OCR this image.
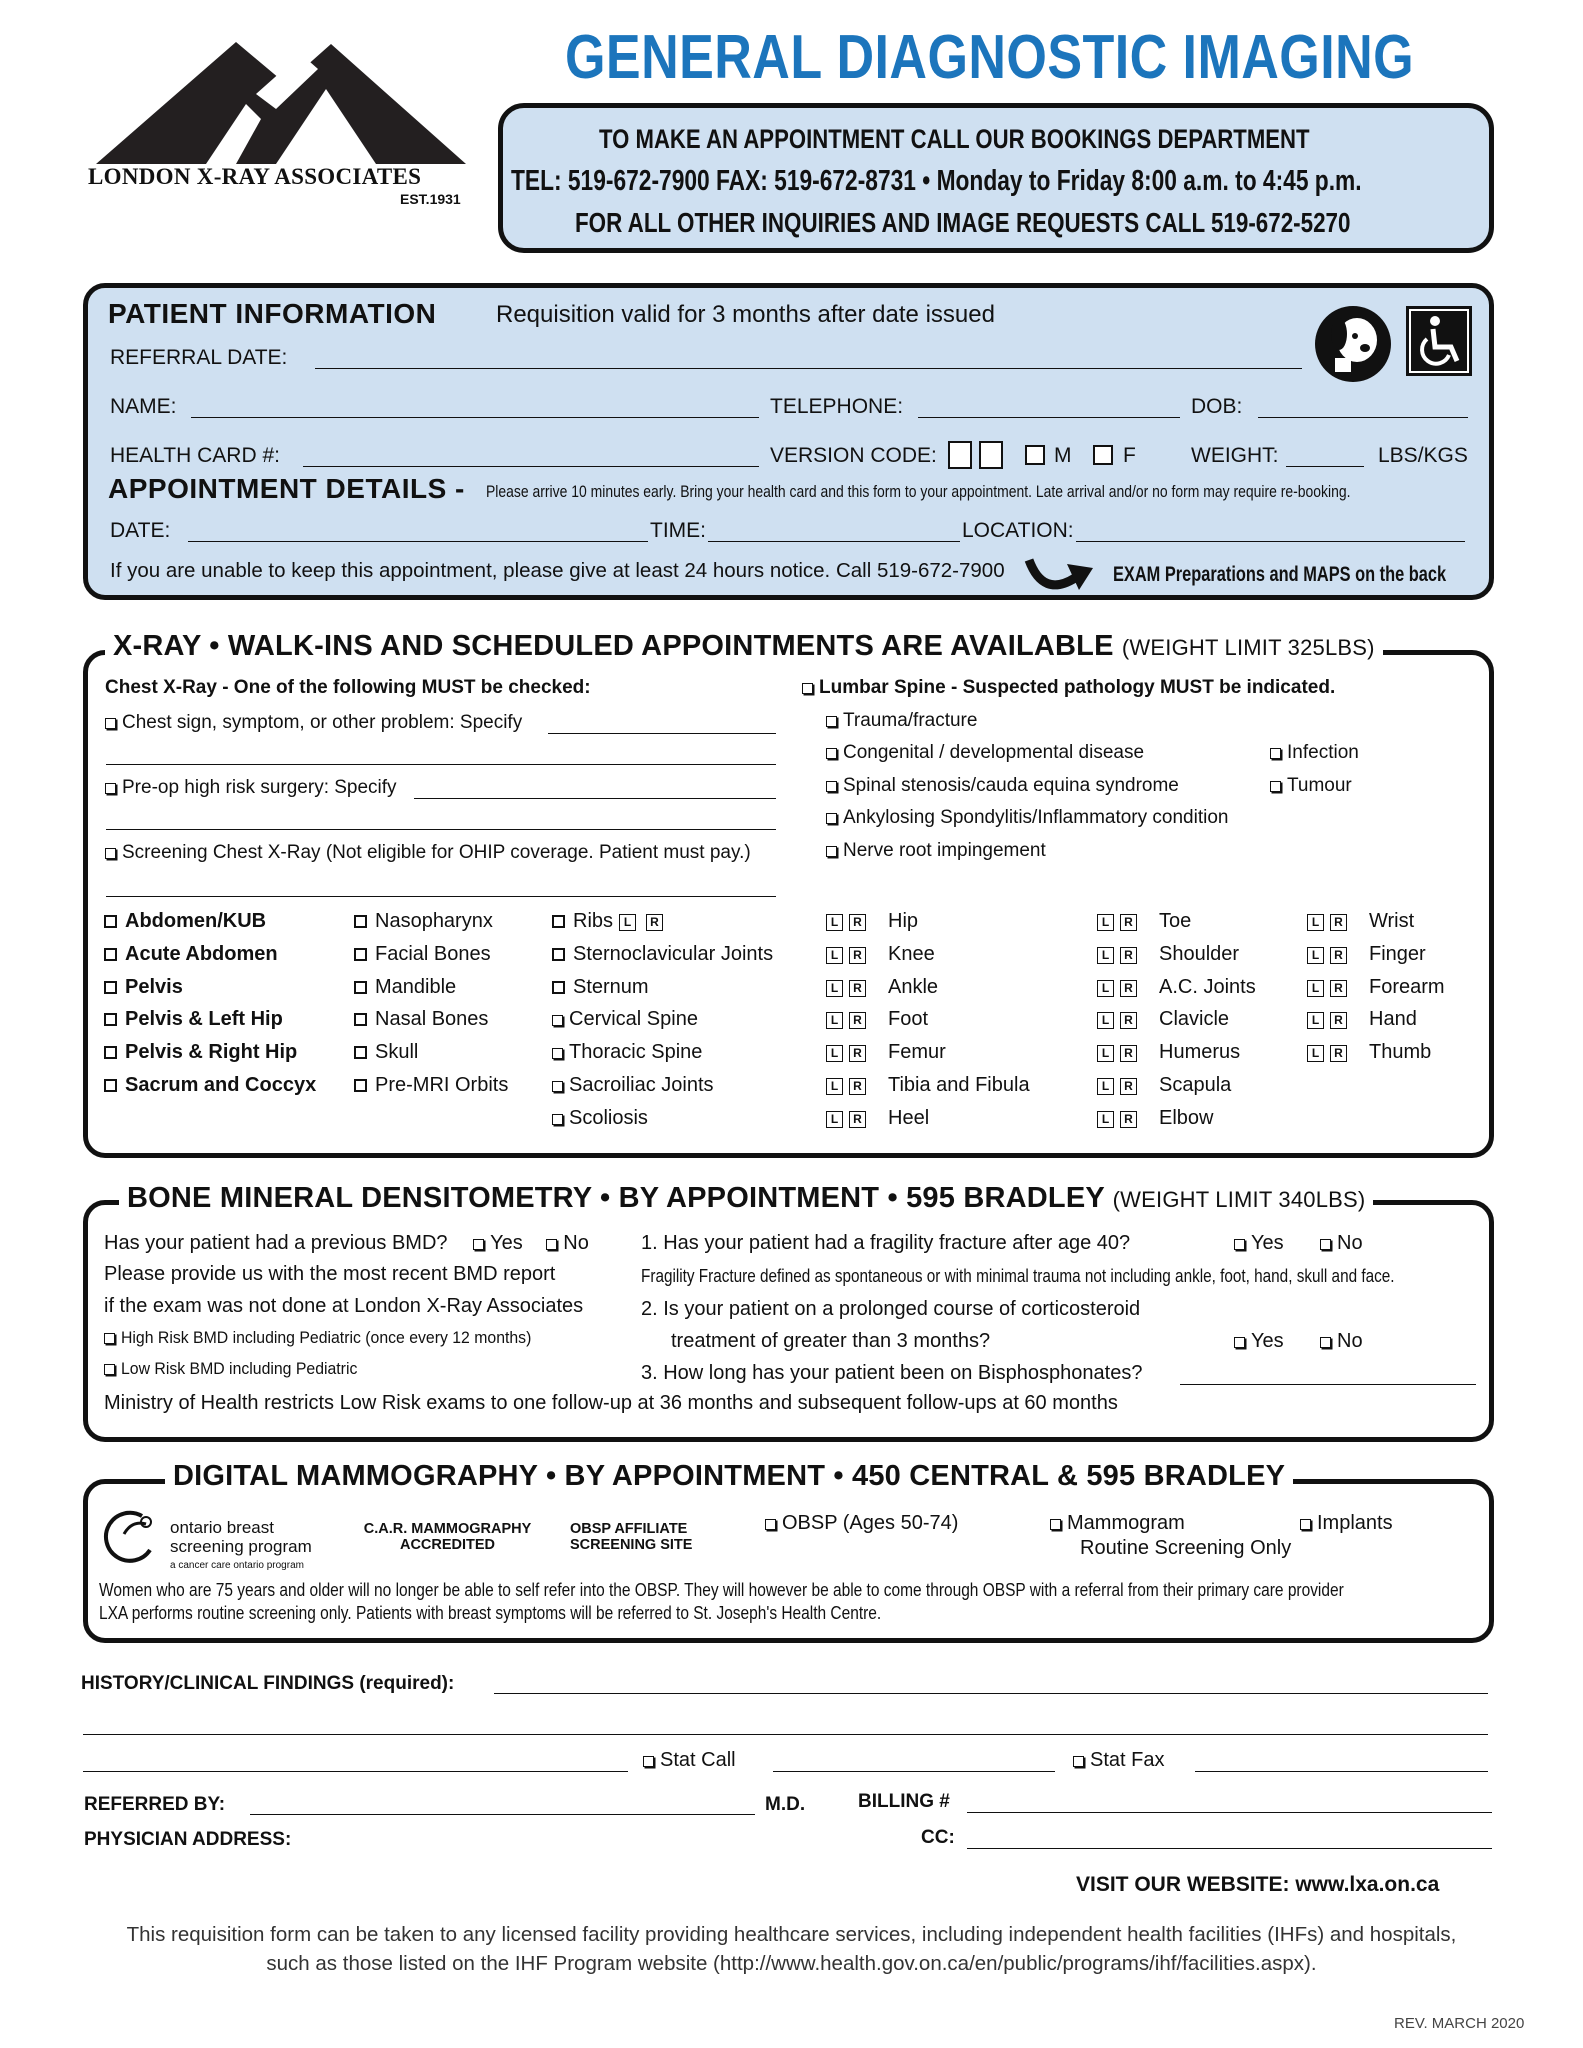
LONDON X-RAY ASSOCIATES
EST.1931
GENERAL DIAGNOSTIC IMAGING
TO MAKE AN APPOINTMENT CALL OUR BOOKINGS DEPARTMENT
TEL: 519-672-7900 FAX: 519-672-8731 • Monday to Friday 8:00 a.m. to 4:45 p.m.
FOR ALL OTHER INQUIRIES AND IMAGE REQUESTS CALL 519-672-5270
PATIENT INFORMATION Requisition valid for 3 months after date issued
REFERRAL DATE:
NAME:	TELEPHONE:	DOB:
HEALTH CARD #:	VERSION CODE:	M F	WEIGHT:	LBS/KGS
APPOINTMENT DETAILS - Please arrive 10 minutes early. Bring your health card and this form to your appointment. Late arrival and/or no form may require re-booking.
DATE:	TIME:	LOCATION:
If you are unable to keep this appointment, please give at least 24 hours notice. Call 519-672-7900	EXAM Preparations and MAPS on the back
X-RAY • WALK-INS AND SCHEDULED APPOINTMENTS ARE AVAILABLE (WEIGHT LIMIT 325LBS)
Chest X-Ray - One of the following MUST be checked:
Chest sign, symptom, or other problem: Specify
Pre-op high risk surgery: Specify
Screening Chest X-Ray (Not eligible for OHIP coverage. Patient must pay.)
Lumbar Spine - Suspected pathology MUST be indicated.
Trauma/fracture
Congenital / developmental disease
Spinal stenosis/cauda equina syndrome
Ankylosing Spondylitis/Inflammatory condition
Nerve root impingement
Infection
Tumour
Abdomen/KUB
Acute Abdomen
Pelvis
Pelvis & Left Hip
Pelvis & Right Hip
Sacrum and Coccyx
Nasopharynx
Facial Bones
Mandible
Nasal Bones
Skull
Pre-MRI Orbits
Ribs L R
Sternoclavicular Joints
Sternum
Cervical Spine
Thoracic Spine
Sacroiliac Joints
Scoliosis
L R Hip
L R Knee
L R Ankle
L R Foot
L R Femur
L R Tibia and Fibula
L R Heel
L R Toe
L R Shoulder
L R A.C. Joints
L R Clavicle
L R Humerus
L R Scapula
L R Elbow
L R Wrist
L R Finger
L R Forearm
L R Hand
L R Thumb
BONE MINERAL DENSITOMETRY • BY APPOINTMENT • 595 BRADLEY (WEIGHT LIMIT 340LBS)
Has your patient had a previous BMD? Yes No
Please provide us with the most recent BMD report
if the exam was not done at London X-Ray Associates
High Risk BMD including Pediatric (once every 12 months)
Low Risk BMD including Pediatric
Ministry of Health restricts Low Risk exams to one follow-up at 36 months and subsequent follow-ups at 60 months
1. Has your patient had a fragility fracture after age 40?	Yes	No
Fragility Fracture defined as spontaneous or with minimal trauma not including ankle, foot, hand, skull and face.
2. Is your patient on a prolonged course of corticosteroid
treatment of greater than 3 months?	Yes	No
3. How long has your patient been on Bisphosphonates?
DIGITAL MAMMOGRAPHY • BY APPOINTMENT • 450 CENTRAL & 595 BRADLEY
ontario breast
screening program
a cancer care ontario program
C.A.R. MAMMOGRAPHY
ACCREDITED
OBSP AFFILIATE
SCREENING SITE
OBSP (Ages 50-74)	Mammogram
Routine Screening Only
Implants
Women who are 75 years and older will no longer be able to self refer into the OBSP. They will however be able to come through OBSP with a referral from their primary care provider
LXA performs routine screening only. Patients with breast symptoms will be referred to St. Joseph's Health Centre.
HISTORY/CLINICAL FINDINGS (required):
Stat Call	Stat Fax
REFERRED BY:	M.D.	BILLING #
PHYSICIAN ADDRESS:	CC:
VISIT OUR WEBSITE: www.lxa.on.ca
This requisition form can be taken to any licensed facility providing healthcare services, including independent health facilities (IHFs) and hospitals,
such as those listed on the IHF Program website (http://www.health.gov.on.ca/en/public/programs/ihf/facilities.aspx).
REV. MARCH 2020
